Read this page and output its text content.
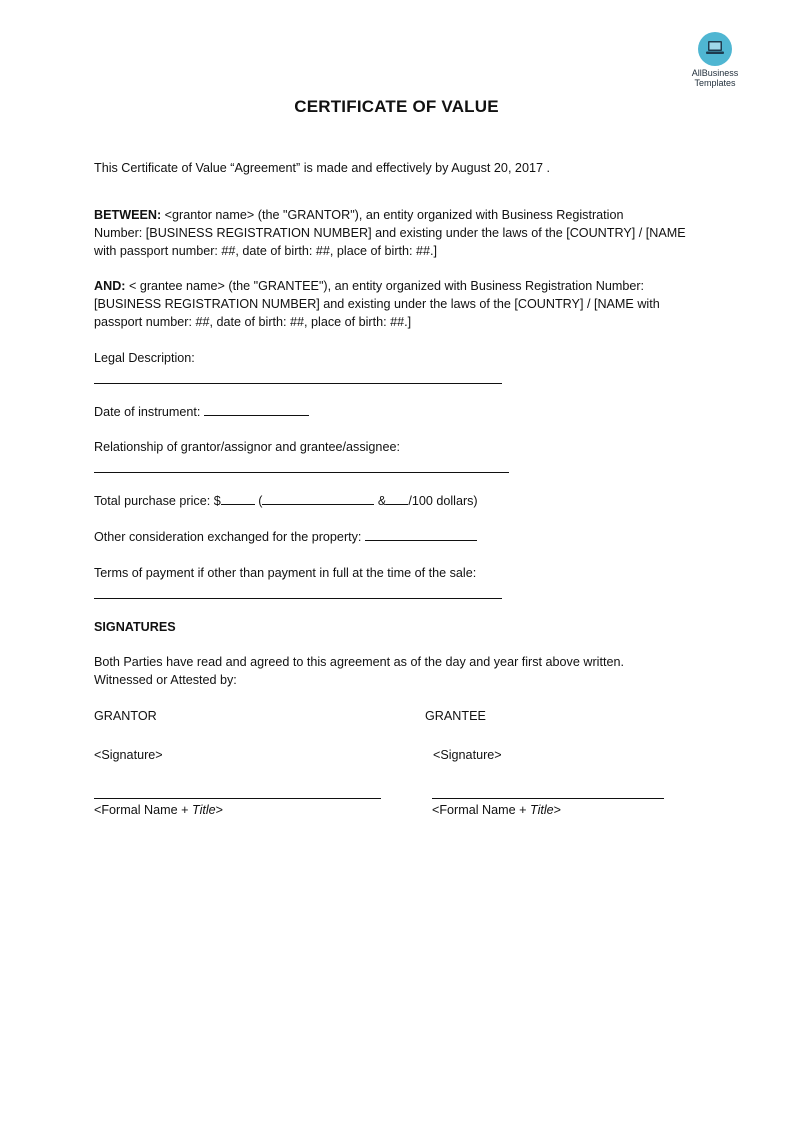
AllBusiness
Templates
CERTIFICATE OF VALUE
This Certificate of Value “Agreement” is made and effectively by August 20, 2017 .
BETWEEN: <grantor name> (the "GRANTOR"), an entity organized with Business Registration
Number: [BUSINESS REGISTRATION NUMBER] and existing under the laws of the [COUNTRY] / [NAME
with passport number: ##, date of birth: ##, place of birth: ##.]
AND: < grantee name> (the "GRANTEE"), an entity organized with Business Registration Number:
[BUSINESS REGISTRATION NUMBER] and existing under the laws of the [COUNTRY] / [NAME with
passport number: ##, date of birth: ##, place of birth: ##.]
Legal Description:
Date of instrument:
Relationship of grantor/assignor and grantee/assignee:
Total purchase price: $	(	& /100 dollars)
Other consideration exchanged for the property:
Terms of payment if other than payment in full at the time of the sale:
SIGNATURES
Both Parties have read and agreed to this agreement as of the day and year first above written.
Witnessed or Attested by:
GRANTOR	GRANTEE
<Signature>	<Signature>
<Formal Name + Title>	<Formal Name + Title>
